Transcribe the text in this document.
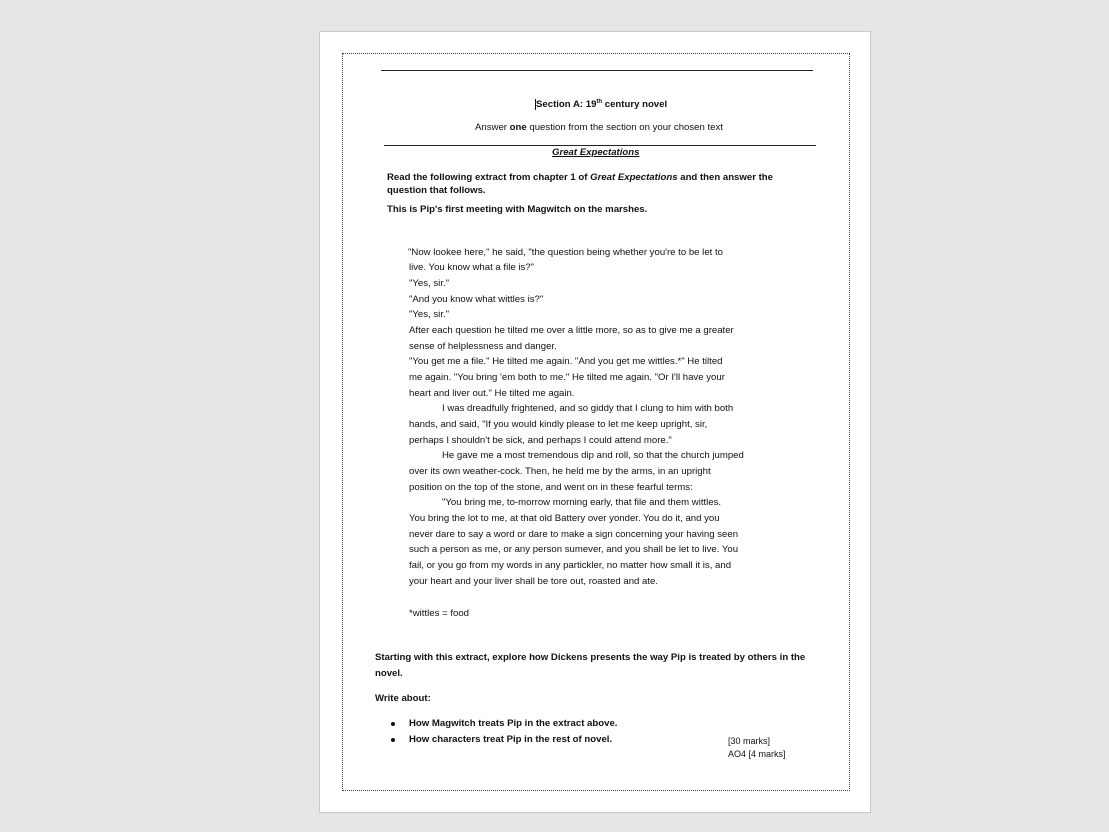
Section A: 19th century novel
Answer one question from the section on your chosen text
Great Expectations
Read the following extract from chapter 1 of Great Expectations and then answer the
question that follows.
This is Pip's first meeting with Magwitch on the marshes.
"Now lookee here," he said, "the question being whether you're to be let to
live. You know what a file is?"
"Yes, sir."
"And you know what wittles is?"
"Yes, sir."
After each question he tilted me over a little more, so as to give me a greater
sense of helplessness and danger.
"You get me a file." He tilted me again. "And you get me wittles.*" He tilted
me again. "You bring 'em both to me." He tilted me again. "Or I'll have your
heart and liver out." He tilted me again.
I was dreadfully frightened, and so giddy that I clung to him with both
hands, and said, "If you would kindly please to let me keep upright, sir,
perhaps I shouldn't be sick, and perhaps I could attend more."
He gave me a most tremendous dip and roll, so that the church jumped
over its own weather-cock. Then, he held me by the arms, in an upright
position on the top of the stone, and went on in these fearful terms:
"You bring me, to-morrow morning early, that file and them wittles.
You bring the lot to me, at that old Battery over yonder. You do it, and you
never dare to say a word or dare to make a sign concerning your having seen
such a person as me, or any person sumever, and you shall be let to live. You
fail, or you go from my words in any partickler, no matter how small it is, and
your heart and your liver shall be tore out, roasted and ate.
*wittles = food
Starting with this extract, explore how Dickens presents the way Pip is treated by others in the
novel.
Write about:
How Magwitch treats Pip in the extract above.
How characters treat Pip in the rest of novel.	[30 marks]
AO4 [4 marks]
